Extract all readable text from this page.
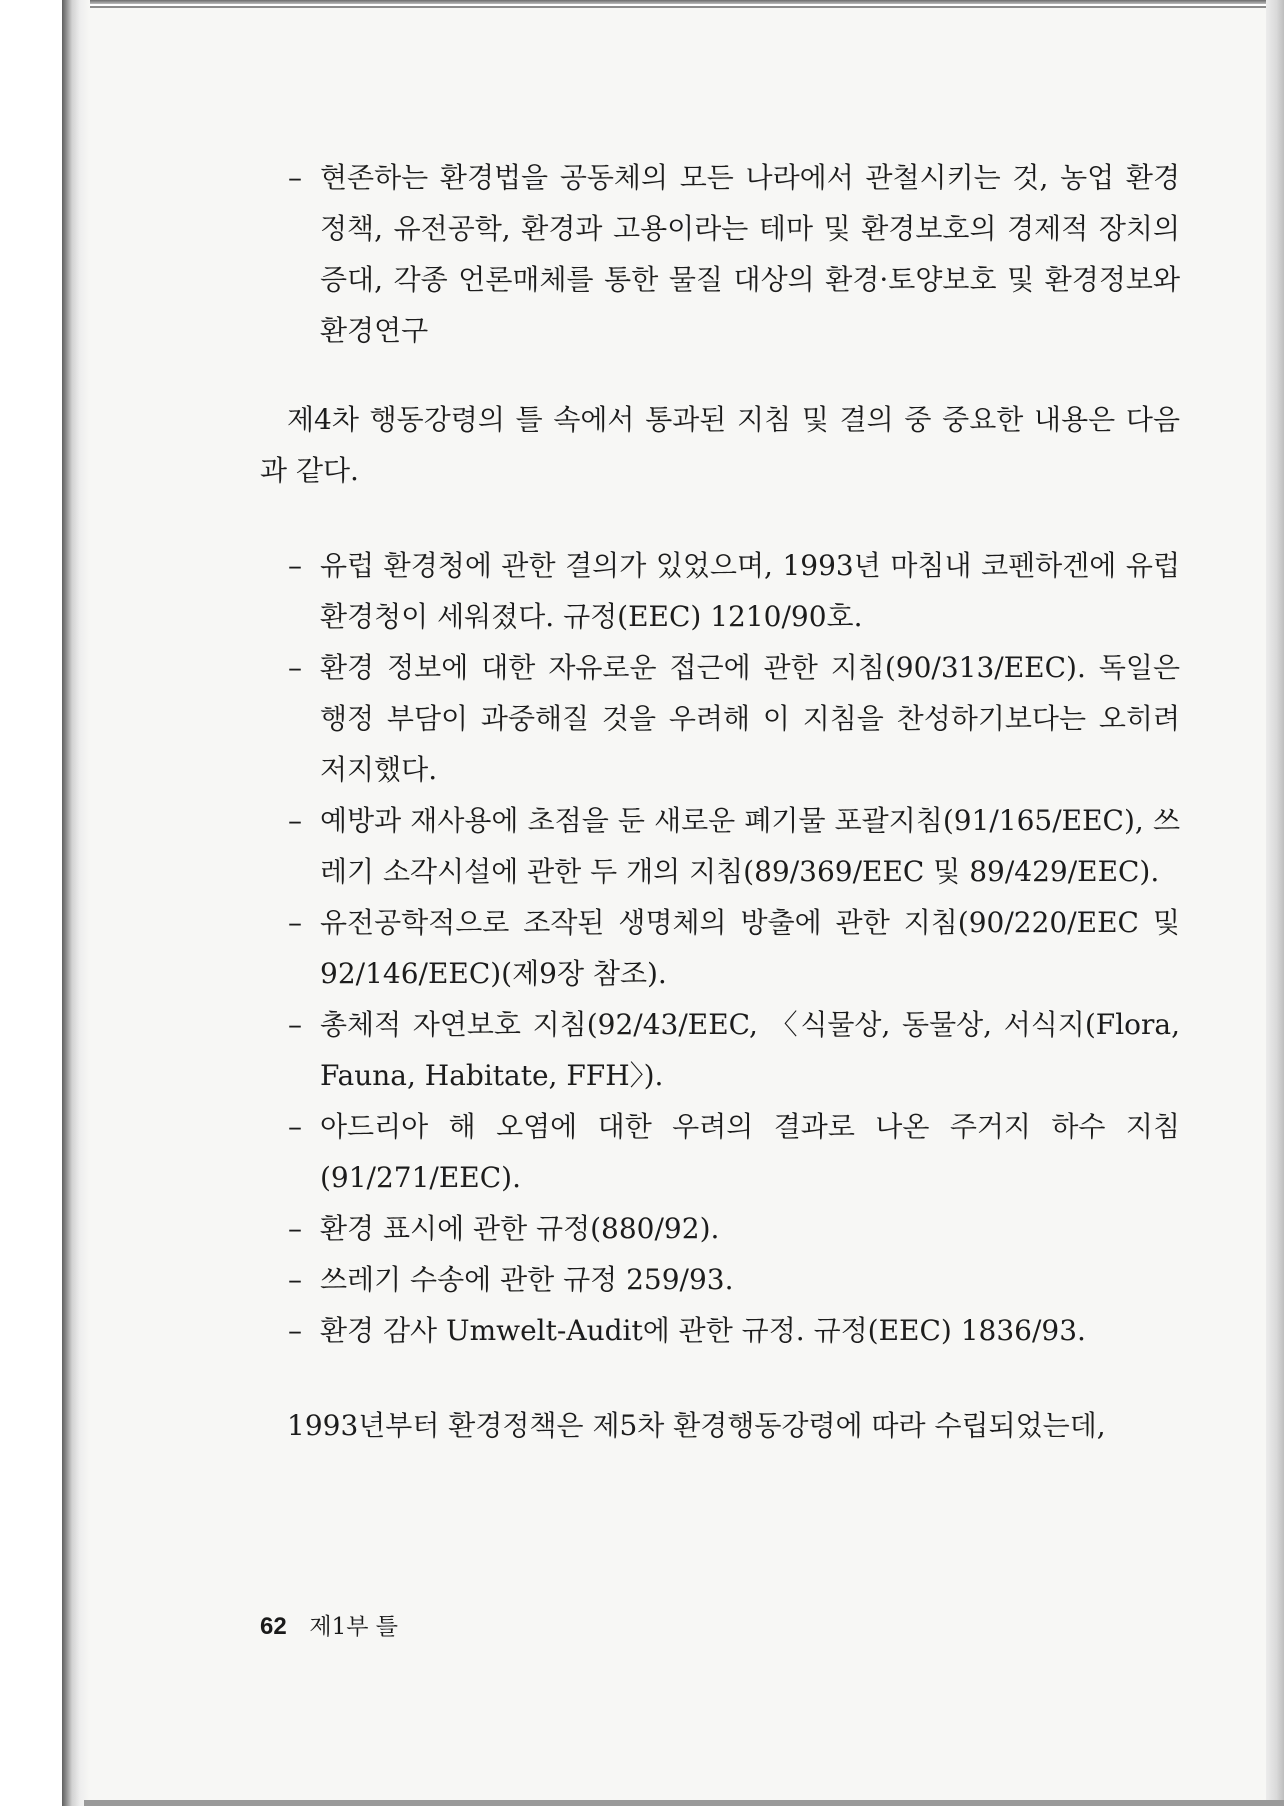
– 현존하는 환경법을 공동체의 모든 나라에서 관철시키는 것, 농업 환경정책, 유전공학, 환경과 고용이라는 테마 및 환경보호의 경제적 장치의 증대, 각종 언론매체를 통한 물질 대상의 환경·토양보호 및 환경정보와 환경연구

제4차 행동강령의 틀 속에서 통과된 지침 및 결의 중 중요한 내용은 다음과 같다.

– 유럽 환경청에 관한 결의가 있었으며, 1993년 마침내 코펜하겐에 유럽 환경청이 세워졌다. 규정(EEC) 1210/90호.

– 환경 정보에 대한 자유로운 접근에 관한 지침(90/313/EEC). 독일은 행정 부담이 과중해질 것을 우려해 이 지침을 찬성하기보다는 오히려 저지했다.

– 예방과 재사용에 초점을 둔 새로운 폐기물 포괄지침(91/165/EEC), 쓰레기 소각시설에 관한 두 개의 지침(89/369/EEC 및 89/429/EEC).

– 유전공학적으로 조작된 생명체의 방출에 관한 지침(90/220/EEC 및 92/146/EEC)(제9장 참조).

– 총체적 자연보호 지침(92/43/EEC, 〈식물상, 동물상, 서식지(Flora, Fauna, Habitate, FFH〉).

– 아드리아 해 오염에 대한 우려의 결과로 나온 주거지 하수 지침(91/271/EEC).

– 환경 표시에 관한 규정(880/92).

– 쓰레기 수송에 관한 규정 259/93.

– 환경 감사 Umwelt-Audit에 관한 규정. 규정(EEC) 1836/93.

1993년부터 환경정책은 제5차 환경행동강령에 따라 수립되었는데,

62 제1부 틀
